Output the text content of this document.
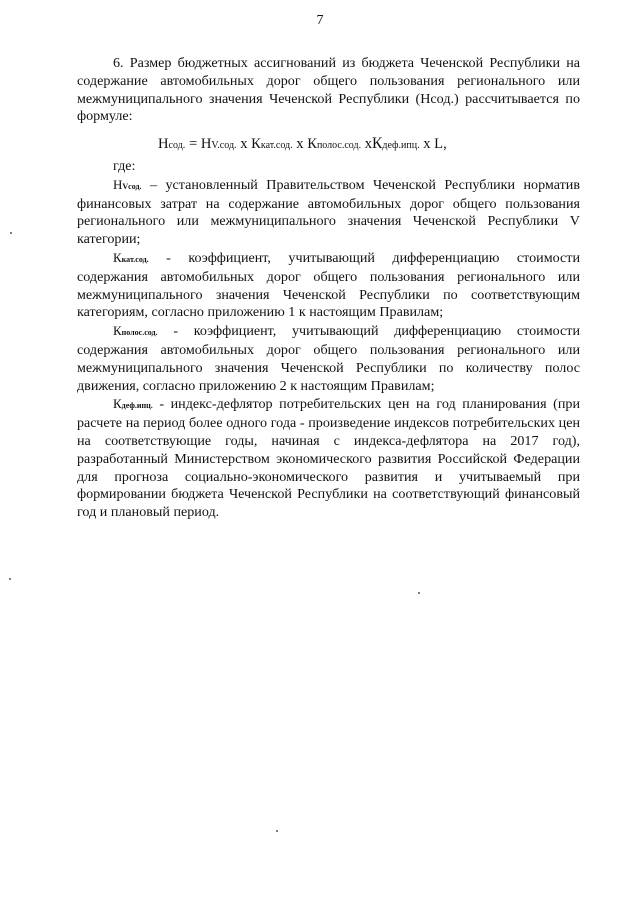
7

6. Размер бюджетных ассигнований из бюджета Чеченской Республики на содержание автомобильных дорог общего пользования регионального или межмуниципального значения Чеченской Республики (Нсод.) рассчитывается по формуле:

Нсод. = НV.сод. x Ккат.сод. x Кполос.сод. хКдеф.ипц. x L,

где:

НVсод. – установленный Правительством Чеченской Республики норматив финансовых затрат на содержание автомобильных дорог общего пользования регионального или межмуниципального значения Чеченской Республики V категории;

Ккат.сод. - коэффициент, учитывающий дифференциацию стоимости содержания автомобильных дорог общего пользования регионального или межмуниципального значения Чеченской Республики по соответствующим категориям, согласно приложению 1 к настоящим Правилам;

Кполос.сод. - коэффициент, учитывающий дифференциацию стоимости содержания автомобильных дорог общего пользования регионального или межмуниципального значения Чеченской Республики по количеству полос движения, согласно приложению 2 к настоящим Правилам;

Кдеф.ипц. - индекс-дефлятор потребительских цен на год планирования (при расчете на период более одного года - произведение индексов потребительских цен на соответствующие годы, начиная с индекса-дефлятора на 2017 год), разработанный Министерством экономического развития Российской Федерации для прогноза социально-экономического развития и учитываемый при формировании бюджета Чеченской Республики на соответствующий финансовый год и плановый период.
